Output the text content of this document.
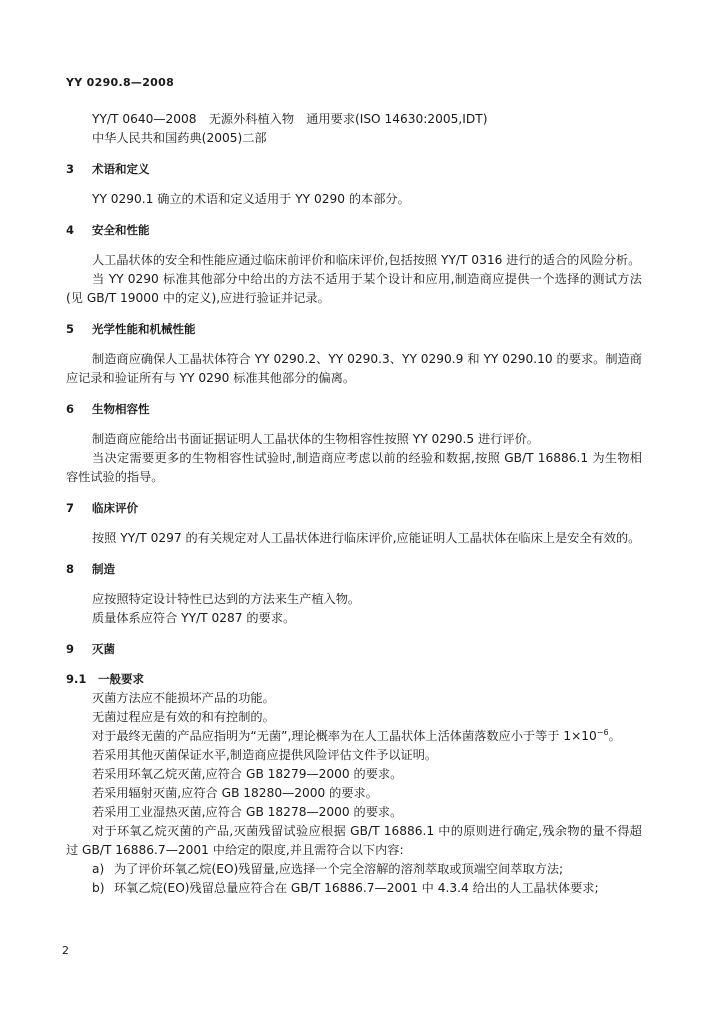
YY 0290.8—2008

YY/T 0640—2008　无源外科植入物　通用要求(ISO 14630:2005,IDT)

中华人民共和国药典(2005)二部

3 术语和定义

YY 0290.1 确立的术语和定义适用于 YY 0290 的本部分。

4 安全和性能

人工晶状体的安全和性能应通过临床前评价和临床评价,包括按照 YY/T 0316 进行的适合的风险分析。

当 YY 0290 标准其他部分中给出的方法不适用于某个设计和应用,制造商应提供一个选择的测试方法(见 GB/T 19000 中的定义),应进行验证并记录。

5 光学性能和机械性能

制造商应确保人工晶状体符合 YY 0290.2、YY 0290.3、YY 0290.9 和 YY 0290.10 的要求。制造商应记录和验证所有与 YY 0290 标准其他部分的偏离。

6 生物相容性

制造商应能给出书面证据证明人工晶状体的生物相容性按照 YY 0290.5 进行评价。

当决定需要更多的生物相容性试验时,制造商应考虑以前的经验和数据,按照 GB/T 16886.1 为生物相容性试验的指导。

7 临床评价

按照 YY/T 0297 的有关规定对人工晶状体进行临床评价,应能证明人工晶状体在临床上是安全有效的。

8 制造

应按照特定设计特性已达到的方法来生产植入物。

质量体系应符合 YY/T 0287 的要求。

9 灭菌
9.1 一般要求

灭菌方法应不能损坏产品的功能。

无菌过程应是有效的和有控制的。

对于最终无菌的产品应指明为“无菌”,理论概率为在人工晶状体上活体菌落数应小于等于 $1\times 10^{-6}$。

若采用其他灭菌保证水平,制造商应提供风险评估文件予以证明。

若采用环氧乙烷灭菌,应符合 GB 18279—2000 的要求。

若采用辐射灭菌,应符合 GB 18280—2000 的要求。

若采用工业湿热灭菌,应符合 GB 18278—2000 的要求。

对于环氧乙烷灭菌的产品,灭菌残留试验应根据 GB/T 16886.1 中的原则进行确定,残余物的量不得超过 GB/T 16886.7—2001 中给定的限度,并且需符合以下内容:

a) 为了评价环氧乙烷(EO)残留量,应选择一个完全溶解的溶剂萃取或顶端空间萃取方法;

b) 环氧乙烷(EO)残留总量应符合在 GB/T 16886.7—2001 中 4.3.4 给出的人工晶状体要求;

2
